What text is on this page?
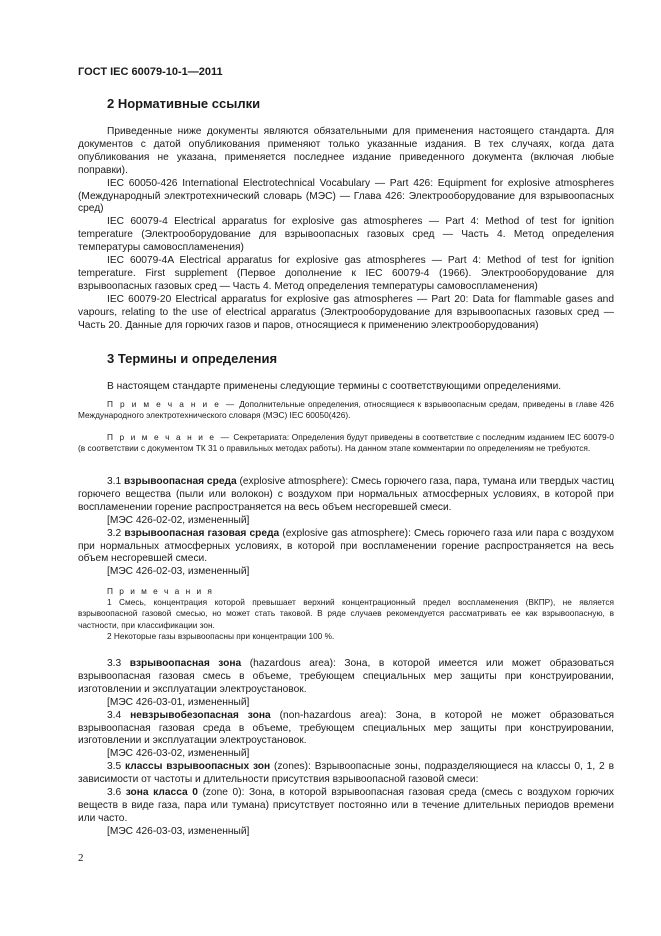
ГОСТ IEC 60079-10-1—2011
2 Нормативные ссылки

Приведенные ниже документы являются обязательными для применения настоящего стандарта. Для документов с датой опубликования применяют только указанные издания. В тех случаях, когда дата опубликования не указана, применяется последнее издание приведенного документа (включая любые поправки).

IEC 60050-426 International Electrotechnical Vocabulary — Part 426: Equipment for explosive atmospheres (Международный электротехнический словарь (МЭС) — Глава 426: Электрооборудование для взрывоопасных сред)

IEC 60079-4 Electrical apparatus for explosive gas atmospheres — Part 4: Method of test for ignition temperature (Электрооборудование для взрывоопасных газовых сред — Часть 4. Метод определения температуры самовоспламенения)

IEC 60079-4A Electrical apparatus for explosive gas atmospheres — Part 4: Method of test for ignition temperature. First supplement (Первое дополнение к IEC 60079-4 (1966). Электрооборудование для взрывоопасных газовых сред — Часть 4. Метод определения температуры самовоспламенения)

IEC 60079-20 Electrical apparatus for explosive gas atmospheres — Part 20: Data for flammable gases and vapours, relating to the use of electrical apparatus (Электрооборудование для взрывоопасных газовых сред — Часть 20. Данные для горючих газов и паров, относящиеся к применению электрооборудования)

3 Термины и определения

В настоящем стандарте применены следующие термины с соответствующими определениями.

П р и м е ч а н и е — Дополнительные определения, относящиеся к взрывоопасным средам, приведены в главе 426 Международного электротехнического словаря (МЭС) IEC 60050(426).

П р и м е ч а н и е — Секретариата: Определения будут приведены в соответствие с последним изданием IEC 60079-0 (в соответствии с документом ТК 31 о правильных методах работы). На данном этапе комментарии по определениям не требуются.

3.1 взрывоопасная среда (explosive atmosphere): Смесь горючего газа, пара, тумана или твердых частиц горючего вещества (пыли или волокон) с воздухом при нормальных атмосферных условиях, в которой при воспламенении горение распространяется на весь объем несгоревшей смеси.

[МЭС 426-02-02, измененный]

3.2 взрывоопасная газовая среда (explosive gas atmosphere): Смесь горючего газа или пара с воздухом при нормальных атмосферных условиях, в которой при воспламенении горение распространяется на весь объем несгоревшей смеси.

[МЭС 426-02-03, измененный]

П р и м е ч а н и я

1 Смесь, концентрация которой превышает верхний концентрационный предел воспламенения (ВКПР), не является взрывоопасной газовой смесью, но может стать таковой. В ряде случаев рекомендуется рассматривать ее как взрывоопасную, в частности, при классификации зон.

2 Некоторые газы взрывоопасны при концентрации 100 %.

3.3 взрывоопасная зона (hazardous area): Зона, в которой имеется или может образоваться взрывоопасная газовая смесь в объеме, требующем специальных мер защиты при конструировании, изготовлении и эксплуатации электроустановок.

[МЭС 426-03-01, измененный]

3.4 невзрывобезопасная зона (non-hazardous area): Зона, в которой не может образоваться взрывоопасная газовая среда в объеме, требующем специальных мер защиты при конструировании, изготовлении и эксплуатации электроустановок.

[МЭС 426-03-02, измененный]

3.5 классы взрывоопасных зон (zones): Взрывоопасные зоны, подразделяющиеся на классы 0, 1, 2 в зависимости от частоты и длительности присутствия взрывоопасной газовой смеси:

3.6 зона класса 0 (zone 0): Зона, в которой взрывоопасная газовая среда (смесь с воздухом горючих веществ в виде газа, пара или тумана) присутствует постоянно или в течение длительных периодов времени или часто.

[МЭС 426-03-03, измененный]

2
